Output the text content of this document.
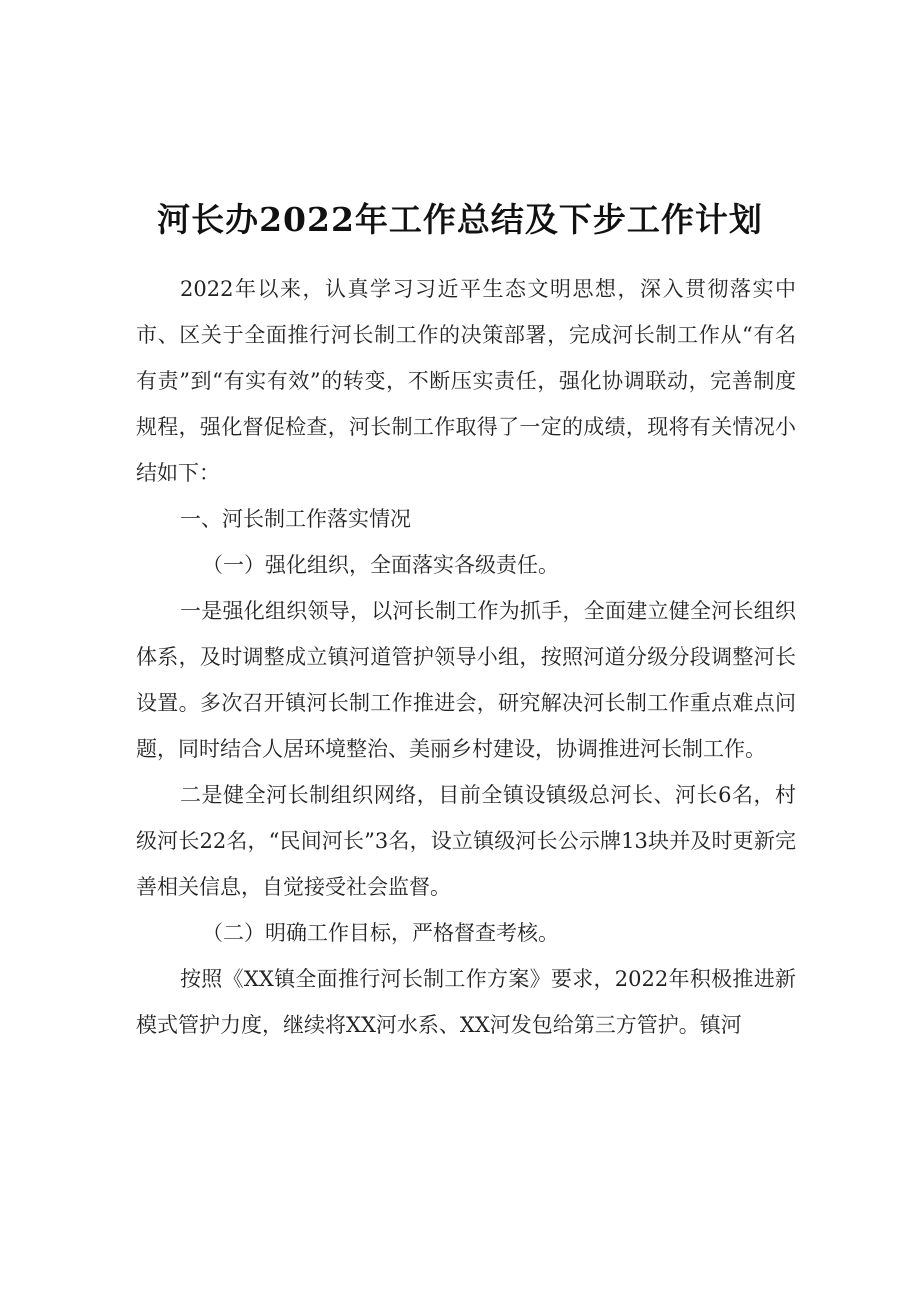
河长办2022年工作总结及下步工作计划

2022年以来，认真学习习近平生态文明思想，深入贯彻落实中市、区关于全面推行河长制工作的决策部署，完成河长制工作从“有名有责”到“有实有效”的转变，不断压实责任，强化协调联动，完善制度规程，强化督促检查，河长制工作取得了一定的成绩，现将有关情况小结如下：

一、河长制工作落实情况

（一）强化组织，全面落实各级责任。

一是强化组织领导，以河长制工作为抓手，全面建立健全河长组织体系，及时调整成立镇河道管护领导小组，按照河道分级分段调整河长设置。多次召开镇河长制工作推进会，研究解决河长制工作重点难点问题，同时结合人居环境整治、美丽乡村建设，协调推进河长制工作。

二是健全河长制组织网络，目前全镇设镇级总河长、河长6名，村级河长22名，“民间河长”3名，设立镇级河长公示牌13块并及时更新完善相关信息，自觉接受社会监督。

（二）明确工作目标，严格督查考核。

按照《XX镇全面推行河长制工作方案》要求，2022年积极推进新模式管护力度，继续将XX河水系、XX河发包给第三方管护。镇河
